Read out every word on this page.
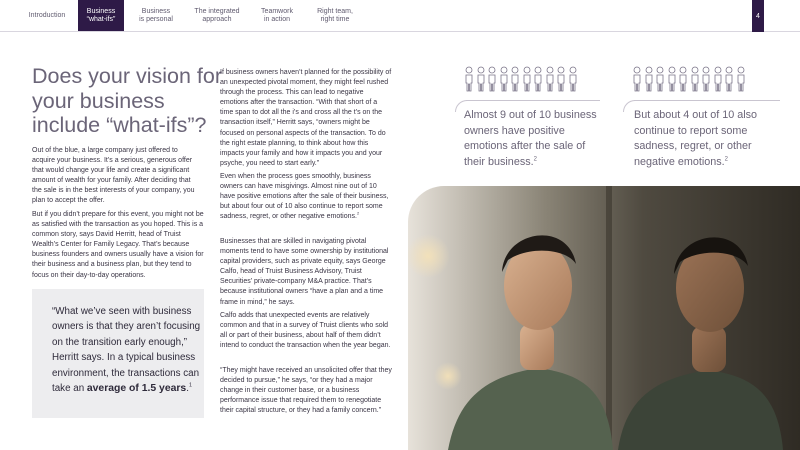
Introduction
Business
“what-ifs”
Business
is personal
The integrated
approach
Teamwork
in action
Right team,
right time	4
Does your vision for your business include “what-ifs”?

Out of the blue, a large company just offered to acquire your business. It’s a serious, generous offer that would change your life and create a significant amount of wealth for your family. After deciding that the sale is in the best interests of your company, you plan to accept the offer.

But if you didn’t prepare for this event, you might not be as satisfied with the transaction as you hoped. This is a common story, says David Herritt, head of Truist Wealth’s Center for Family Legacy. That’s because business founders and owners usually have a vision for their business and a business plan, but they tend to focus on their day-to-day operations.

“What we’ve seen with business owners is that they aren’t focusing on the transition early enough,” Herritt says. In a typical business environment, the transactions can take an average of 1.5 years.$^1$

If business owners haven’t planned for the possibility of an unexpected pivotal moment, they might feel rushed through the process. This can lead to negative emotions after the transaction. “With that short of a time span to dot all the i’s and cross all the t’s on the transaction itself,” Herritt says, “owners might be focused on personal aspects of the transaction. To do the right estate planning, to think about how this impacts your family and how it impacts you and your psyche, you need to start early.”

Even when the process goes smoothly, business owners can have misgivings. Almost nine out of 10 have positive emotions after the sale of their business, but about four out of 10 also continue to report some sadness, regret, or other negative emotions.$^2$

Businesses that are skilled in navigating pivotal moments tend to have some ownership by institutional capital providers, such as private equity, says George Calfo, head of Truist Business Advisory, Truist Securities’ private-company M&A practice. That’s because institutional owners “have a plan and a time frame in mind,” he says.

Calfo adds that unexpected events are relatively common and that in a survey of Truist clients who sold all or part of their business, about half of them didn’t intend to conduct the transaction when the year began.

“They might have received an unsolicited offer that they decided to pursue,” he says, “or they had a major change in their customer base, or a business performance issue that required them to renegotiate their capital structure, or they had a family concern.”

Almost 9 out of 10 business owners have positive emotions after the sale of their business.$^2$

But about 4 out of 10 also continue to report some sadness, regret, or other negative emotions.$^2$
